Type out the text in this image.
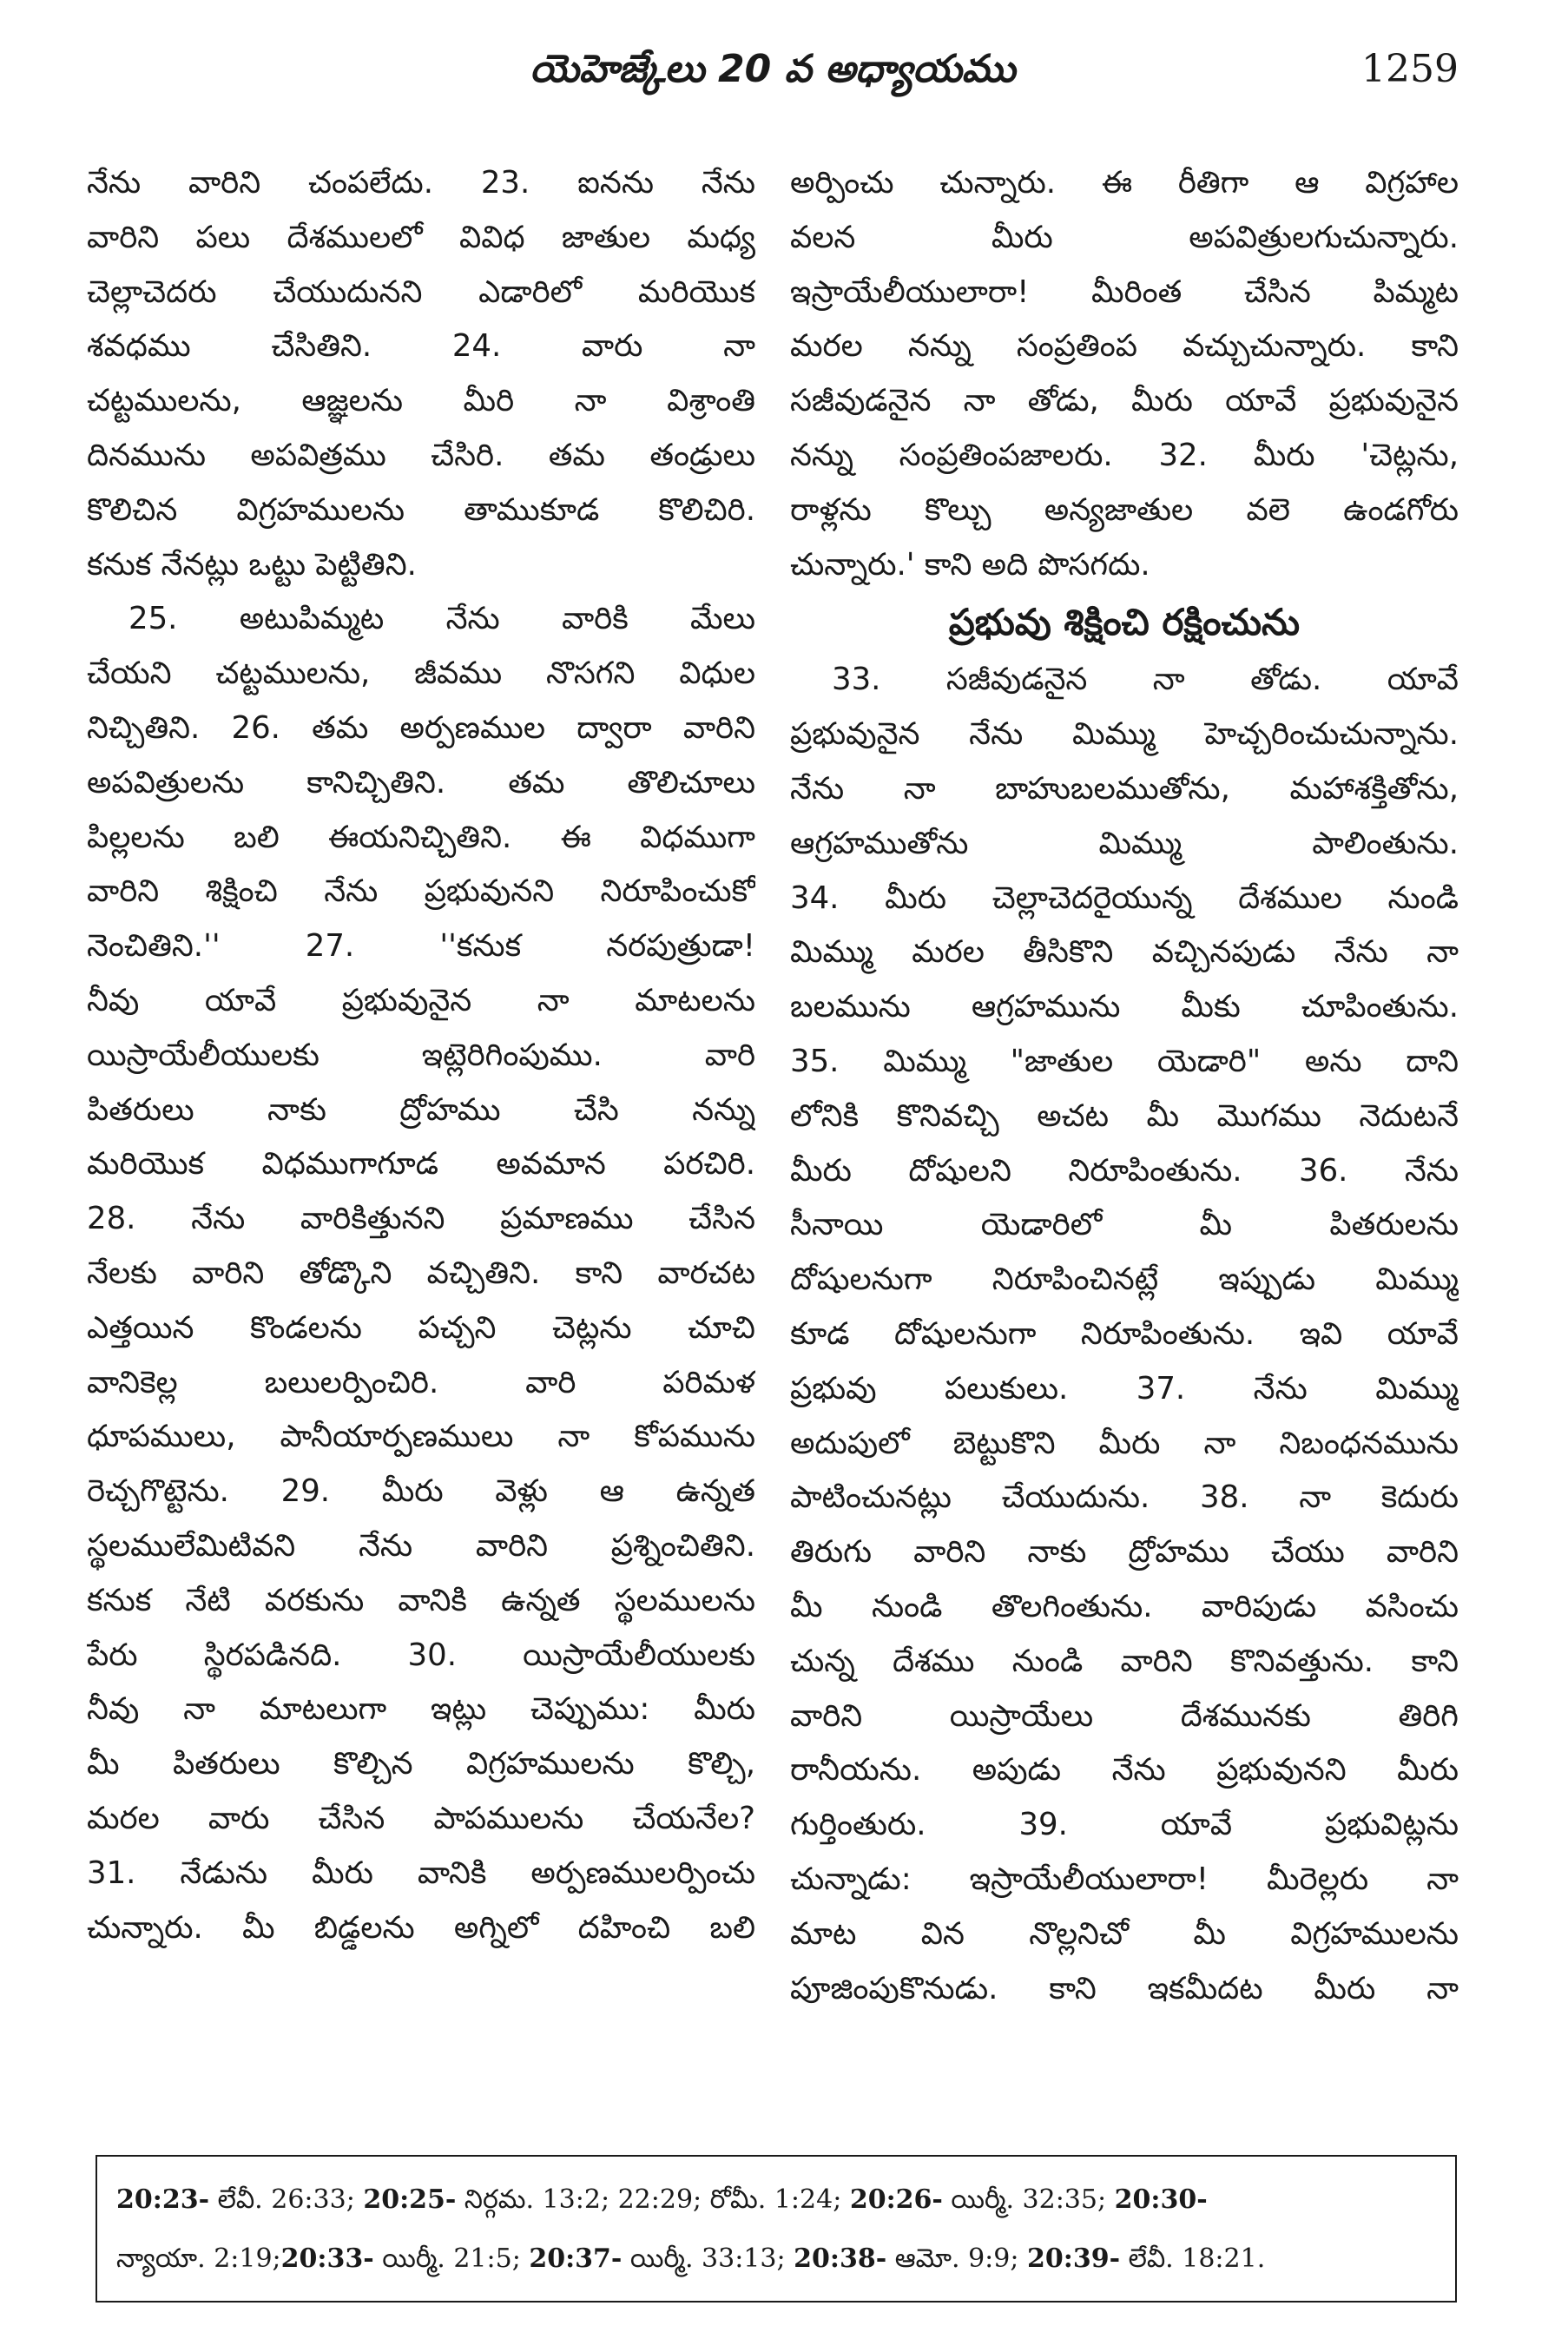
యెహెజ్కేలు 20 వ అధ్యాయము	1259
నేను వారిని చంపలేదు. 23. ఐనను నేను
వారిని పలు దేశములలో వివిధ జాతుల మధ్య
చెల్లాచెదరు చేయుదునని ఎడారిలో మరియొక
శవధము చేసితిని. 24. వారు నా
చట్టములను, ఆజ్ఞలను మీరి నా విశ్రాంతి
దినమును అపవిత్రము చేసిరి. తమ తండ్రులు
కొలిచిన విగ్రహములను తాముకూడ కొలిచిరి.
కనుక నేనట్లు ఒట్టు పెట్టితిని.
25. అటుపిమ్మట నేను వారికి మేలు
చేయని చట్టములను, జీవము నొసగని విధుల
నిచ్చితిని. 26. తమ అర్పణముల ద్వారా వారిని
అపవిత్రులను కానిచ్చితిని. తమ తొలిచూలు
పిల్లలను బలి ఈయనిచ్చితిని. ఈ విధముగా
వారిని శిక్షించి నేను ప్రభువునని నిరూపించుకో
నెంచితిని.'' 27. ''కనుక నరపుత్రుడా!
నీవు యావే ప్రభువునైన నా మాటలను
యిస్రాయేలీయులకు ఇట్లెరిగింపుము. వారి
పితరులు నాకు ద్రోహము చేసి నన్ను
మరియొక విధముగాగూడ అవమాన పరచిరి.
28. నేను వారికిత్తునని ప్రమాణము చేసిన
నేలకు వారిని తోడ్కొని వచ్చితిని. కాని వారచట
ఎత్తయిన కొండలను పచ్చని చెట్లను చూచి
వానికెల్ల బలులర్పించిరి. వారి పరిమళ
ధూపములు, పానీయార్పణములు నా కోపమును
రెచ్చగొట్టెను. 29. మీరు వెళ్లు ఆ ఉన్నత
స్థలములేమిటివని నేను వారిని ప్రశ్నించితిని.
కనుక నేటి వరకును వానికి ఉన్నత స్థలములను
పేరు స్థిరపడినది. 30. యిస్రాయేలీయులకు
నీవు నా మాటలుగా ఇట్లు చెప్పుము: మీరు
మీ పితరులు కొల్చిన విగ్రహములను కొల్చి,
మరల వారు చేసిన పాపములను చేయనేల?
31. నేడును మీరు వానికి అర్పణములర్పించు
చున్నారు. మీ బిడ్డలను అగ్నిలో దహించి బలి
అర్పించు చున్నారు. ఈ రీతిగా ఆ విగ్రహాల
వలన మీరు అపవిత్రులగుచున్నారు.
ఇస్రాయేలీయులారా! మీరింత చేసిన పిమ్మట
మరల నన్ను సంప్రతింప వచ్చుచున్నారు. కాని
సజీవుడనైన నా తోడు, మీరు యావే ప్రభువునైన
నన్ను సంప్రతింపజాలరు. 32. మీరు 'చెట్లను,
రాళ్లను కొల్చు అన్యజాతుల వలె ఉండగోరు
చున్నారు.' కాని అది పొసగదు.
ప్రభువు శిక్షించి రక్షించును
33. సజీవుడనైన నా తోడు. యావే
ప్రభువునైన నేను మిమ్ము హెచ్చరించుచున్నాను.
నేను నా బాహుబలముతోను, మహాశక్తితోను,
ఆగ్రహముతోను మిమ్ము పాలింతును.
34. మీరు చెల్లాచెదరైయున్న దేశముల నుండి
మిమ్ము మరల తీసికొని వచ్చినపుడు నేను నా
బలమును ఆగ్రహమును మీకు చూపింతును.
35. మిమ్ము "జాతుల యెడారి" అను దాని
లోనికి కొనివచ్చి అచట మీ మొగము నెదుటనే
మీరు దోషులని నిరూపింతును. 36. నేను
సీనాయి యెడారిలో మీ పితరులను
దోషులనుగా నిరూపించినట్లే ఇప్పుడు మిమ్ము
కూడ దోషులనుగా నిరూపింతును. ఇవి యావే
ప్రభువు పలుకులు. 37. నేను మిమ్ము
అదుపులో బెట్టుకొని మీరు నా నిబంధనమును
పాటించునట్లు చేయుదును. 38. నా కెదురు
తిరుగు వారిని నాకు ద్రోహము చేయు వారిని
మీ నుండి తొలగింతును. వారిపుడు వసించు
చున్న దేశము నుండి వారిని కొనివత్తును. కాని
వారిని యిస్రాయేలు దేశమునకు తిరిగి
రానీయను. అపుడు నేను ప్రభువునని మీరు
గుర్తింతురు. 39. యావే ప్రభువిట్లను
చున్నాడు: ఇస్రాయేలీయులారా! మీరెల్లరు నా
మాట విన నొల్లనిచో మీ విగ్రహములను
పూజింపుకొనుడు. కాని ఇకమీదట మీరు నా
20:23- లేవీ. 26:33; 20:25- నిర్గమ. 13:2; 22:29; రోమీ. 1:24; 20:26- యిర్మీ. 32:35; 20:30-
న్యాయా. 2:19;20:33- యిర్మీ. 21:5; 20:37- యిర్మీ. 33:13; 20:38- ఆమో. 9:9; 20:39- లేవీ. 18:21.
